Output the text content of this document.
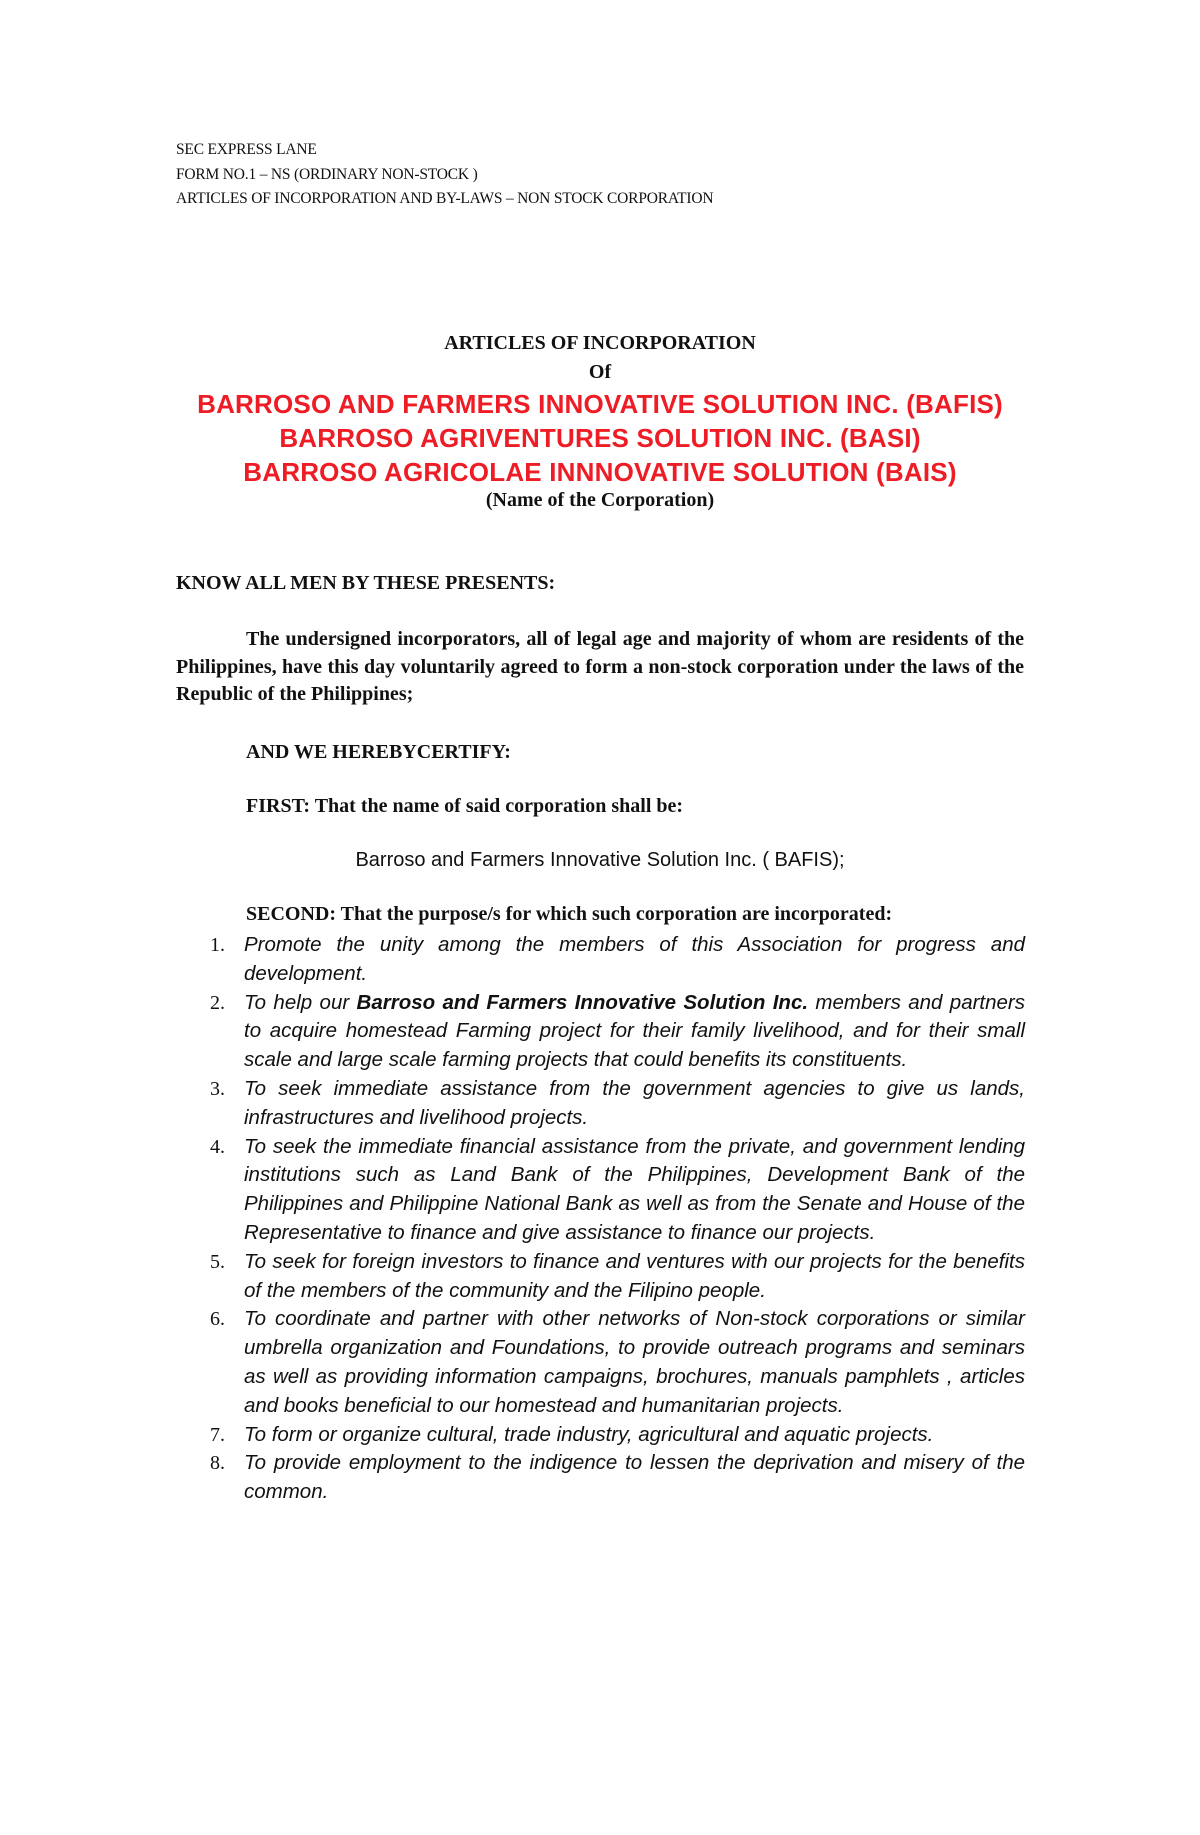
SEC EXPRESS LANE
FORM NO.1 – NS (ORDINARY NON-STOCK )
ARTICLES OF INCORPORATION AND BY-LAWS – NON STOCK CORPORATION
ARTICLES OF INCORPORATION
Of
BARROSO AND FARMERS INNOVATIVE SOLUTION INC. (BAFIS)
BARROSO AGRIVENTURES SOLUTION INC. (BASI)
BARROSO AGRICOLAE INNNOVATIVE SOLUTION (BAIS)
(Name of the Corporation)
KNOW ALL MEN BY THESE PRESENTS:
The undersigned incorporators, all of legal age and majority of whom are residents of the Philippines, have this day voluntarily agreed to form a non-stock corporation under the laws of the Republic of the Philippines;
AND WE HEREBYCERTIFY:
FIRST: That the name of said corporation shall be:
Barroso and Farmers Innovative Solution Inc. ( BAFIS);
SECOND: That the purpose/s for which such corporation are incorporated:
1. Promote the unity among the members of this Association for progress and development.
2. To help our Barroso and Farmers Innovative Solution Inc. members and partners to acquire homestead Farming project for their family livelihood, and for their small scale and large scale farming projects that could benefits its constituents.
3. To seek immediate assistance from the government agencies to give us lands, infrastructures and livelihood projects.
4. To seek the immediate financial assistance from the private, and government lending institutions such as Land Bank of the Philippines, Development Bank of the Philippines and Philippine National Bank as well as from the Senate and House of the Representative to finance and give assistance to finance our projects.
5. To seek for foreign investors to finance and ventures with our projects for the benefits of the members of the community and the Filipino people.
6. To coordinate and partner with other networks of Non-stock corporations or similar umbrella organization and Foundations, to provide outreach programs and seminars as well as providing information campaigns, brochures, manuals pamphlets , articles and books beneficial to our homestead and humanitarian projects.
7. To form or organize cultural, trade industry, agricultural and aquatic projects.
8. To provide employment to the indigence to lessen the deprivation and misery of the common.
